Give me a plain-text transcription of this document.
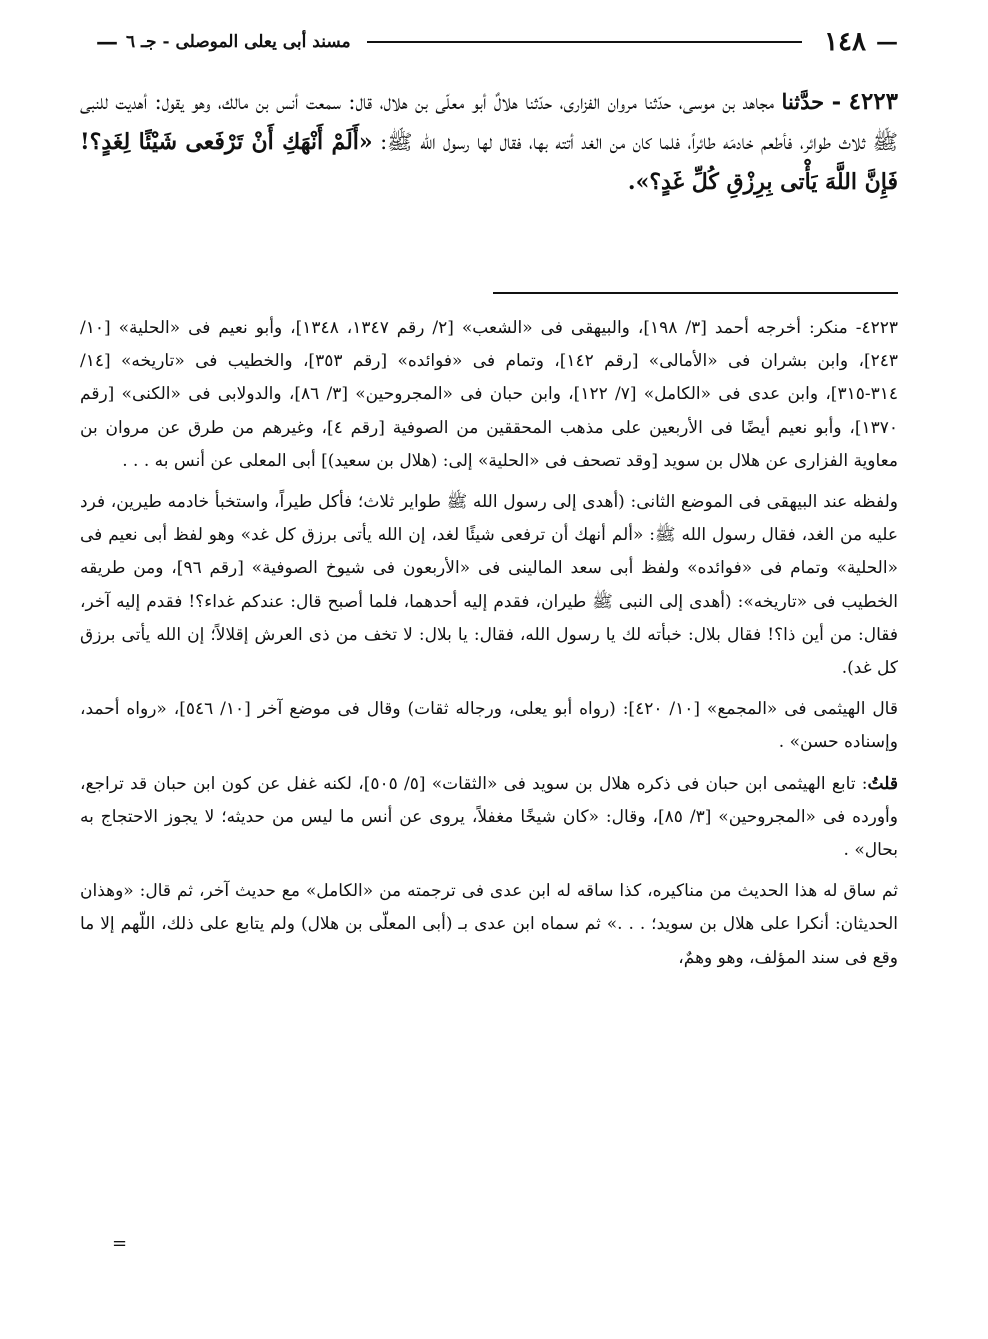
—
١٤٨
مسند أبى يعلى الموصلى - جـ ٦
—
٤٢٢٣ - حدَّثنا مجاهد بن موسى، حدّثنا مروان الفزارى، حدّثنا هلالٌ أبو معلّى بن هلال، قال: سمعت أنس بن مالك، وهو يقول: أهديت للنبى ﷺ ثلاث طوائر، فأطعم خادمَه طائراً، فلما كان من الغد أتته بها، فقال لها رسول الله ﷺ: «أَلَمْ أَنْهَكِ أَنْ تَرْفَعى شَيْئًا لِغَدٍ؟! فَإِنَّ اللَّهَ يَأْتى بِرِزْقِ كُلِّ غَدٍ؟».

٤٢٢٣- منكر: أخرجه أحمد [٣/ ١٩٨]، والبيهقى فى «الشعب» [٢/ رقم ١٣٤٧، ١٣٤٨]، وأبو نعيم فى «الحلية» [١٠/ ٢٤٣]، وابن بشران فى «الأمالى» [رقم ١٤٢]، وتمام فى «فوائده» [رقم ٣٥٣]، والخطيب فى «تاريخه» [١٤/ ٣١٤-٣١٥]، وابن عدى فى «الكامل» [٧/ ١٢٢]، وابن حبان فى «المجروحين» [٣/ ٨٦]، والدولابى فى «الكنى» [رقم ١٣٧٠]، وأبو نعيم أيضًا فى الأربعين على مذهب المحققين من الصوفية [رقم ٤]، وغيرهم من طرق عن مروان بن معاوية الفزارى عن هلال بن سويد [وقد تصحف فى «الحلية» إلى: (هلال بن سعيد)] أبى المعلى عن أنس به . . .

ولفظه عند البيهقى فى الموضع الثانى: (أهدى إلى رسول الله ﷺ طواير ثلاث؛ فأكل طيراً، واستخبأ خادمه طيرين، فرد عليه من الغد، فقال رسول الله ﷺ: «ألم أنهك أن ترفعى شيئًا لغد، إن الله يأتى برزق كل غد» وهو لفظ أبى نعيم فى «الحلية» وتمام فى «فوائده» ولفظ أبى سعد المالينى فى «الأربعون فى شيوخ الصوفية» [رقم ٩٦]، ومن طريقه الخطيب فى «تاريخه»: (أهدى إلى النبى ﷺ طيران، فقدم إليه أحدهما، فلما أصبح قال: عندكم غداء؟! فقدم إليه آخر، فقال: من أين ذا؟! فقال بلال: خبأته لك يا رسول الله، فقال: يا بلال: لا تخف من ذى العرش إقلالاً؛ إن الله يأتى برزق كل غد).

قال الهيثمى فى «المجمع» [١٠/ ٤٢٠]: (رواه أبو يعلى، ورجاله ثقات) وقال فى موضع آخر [١٠/ ٥٤٦]، «رواه أحمد، وإسناده حسن» .

قلتُ: تابع الهيثمى ابن حبان فى ذكره هلال بن سويد فى «الثقات» [٥/ ٥٠٥]، لكنه غفل عن كون ابن حبان قد تراجع، وأورده فى «المجروحين» [٣/ ٨٥]، وقال: «كان شيخًا مغفلاً، يروى عن أنس ما ليس من حديثه؛ لا يجوز الاحتجاج به بحال» .

ثم ساق له هذا الحديث من مناكيره، كذا ساقه له ابن عدى فى ترجمته من «الكامل» مع حديث آخر، ثم قال: «وهذان الحديثان: أنكرا على هلال بن سويد؛ . . .» ثم سماه ابن عدى بـ (أبى المعلّى بن هلال) ولم يتابع على ذلك، اللّهم إلا ما وقع فى سند المؤلف، وهو وهمٌ،

=
